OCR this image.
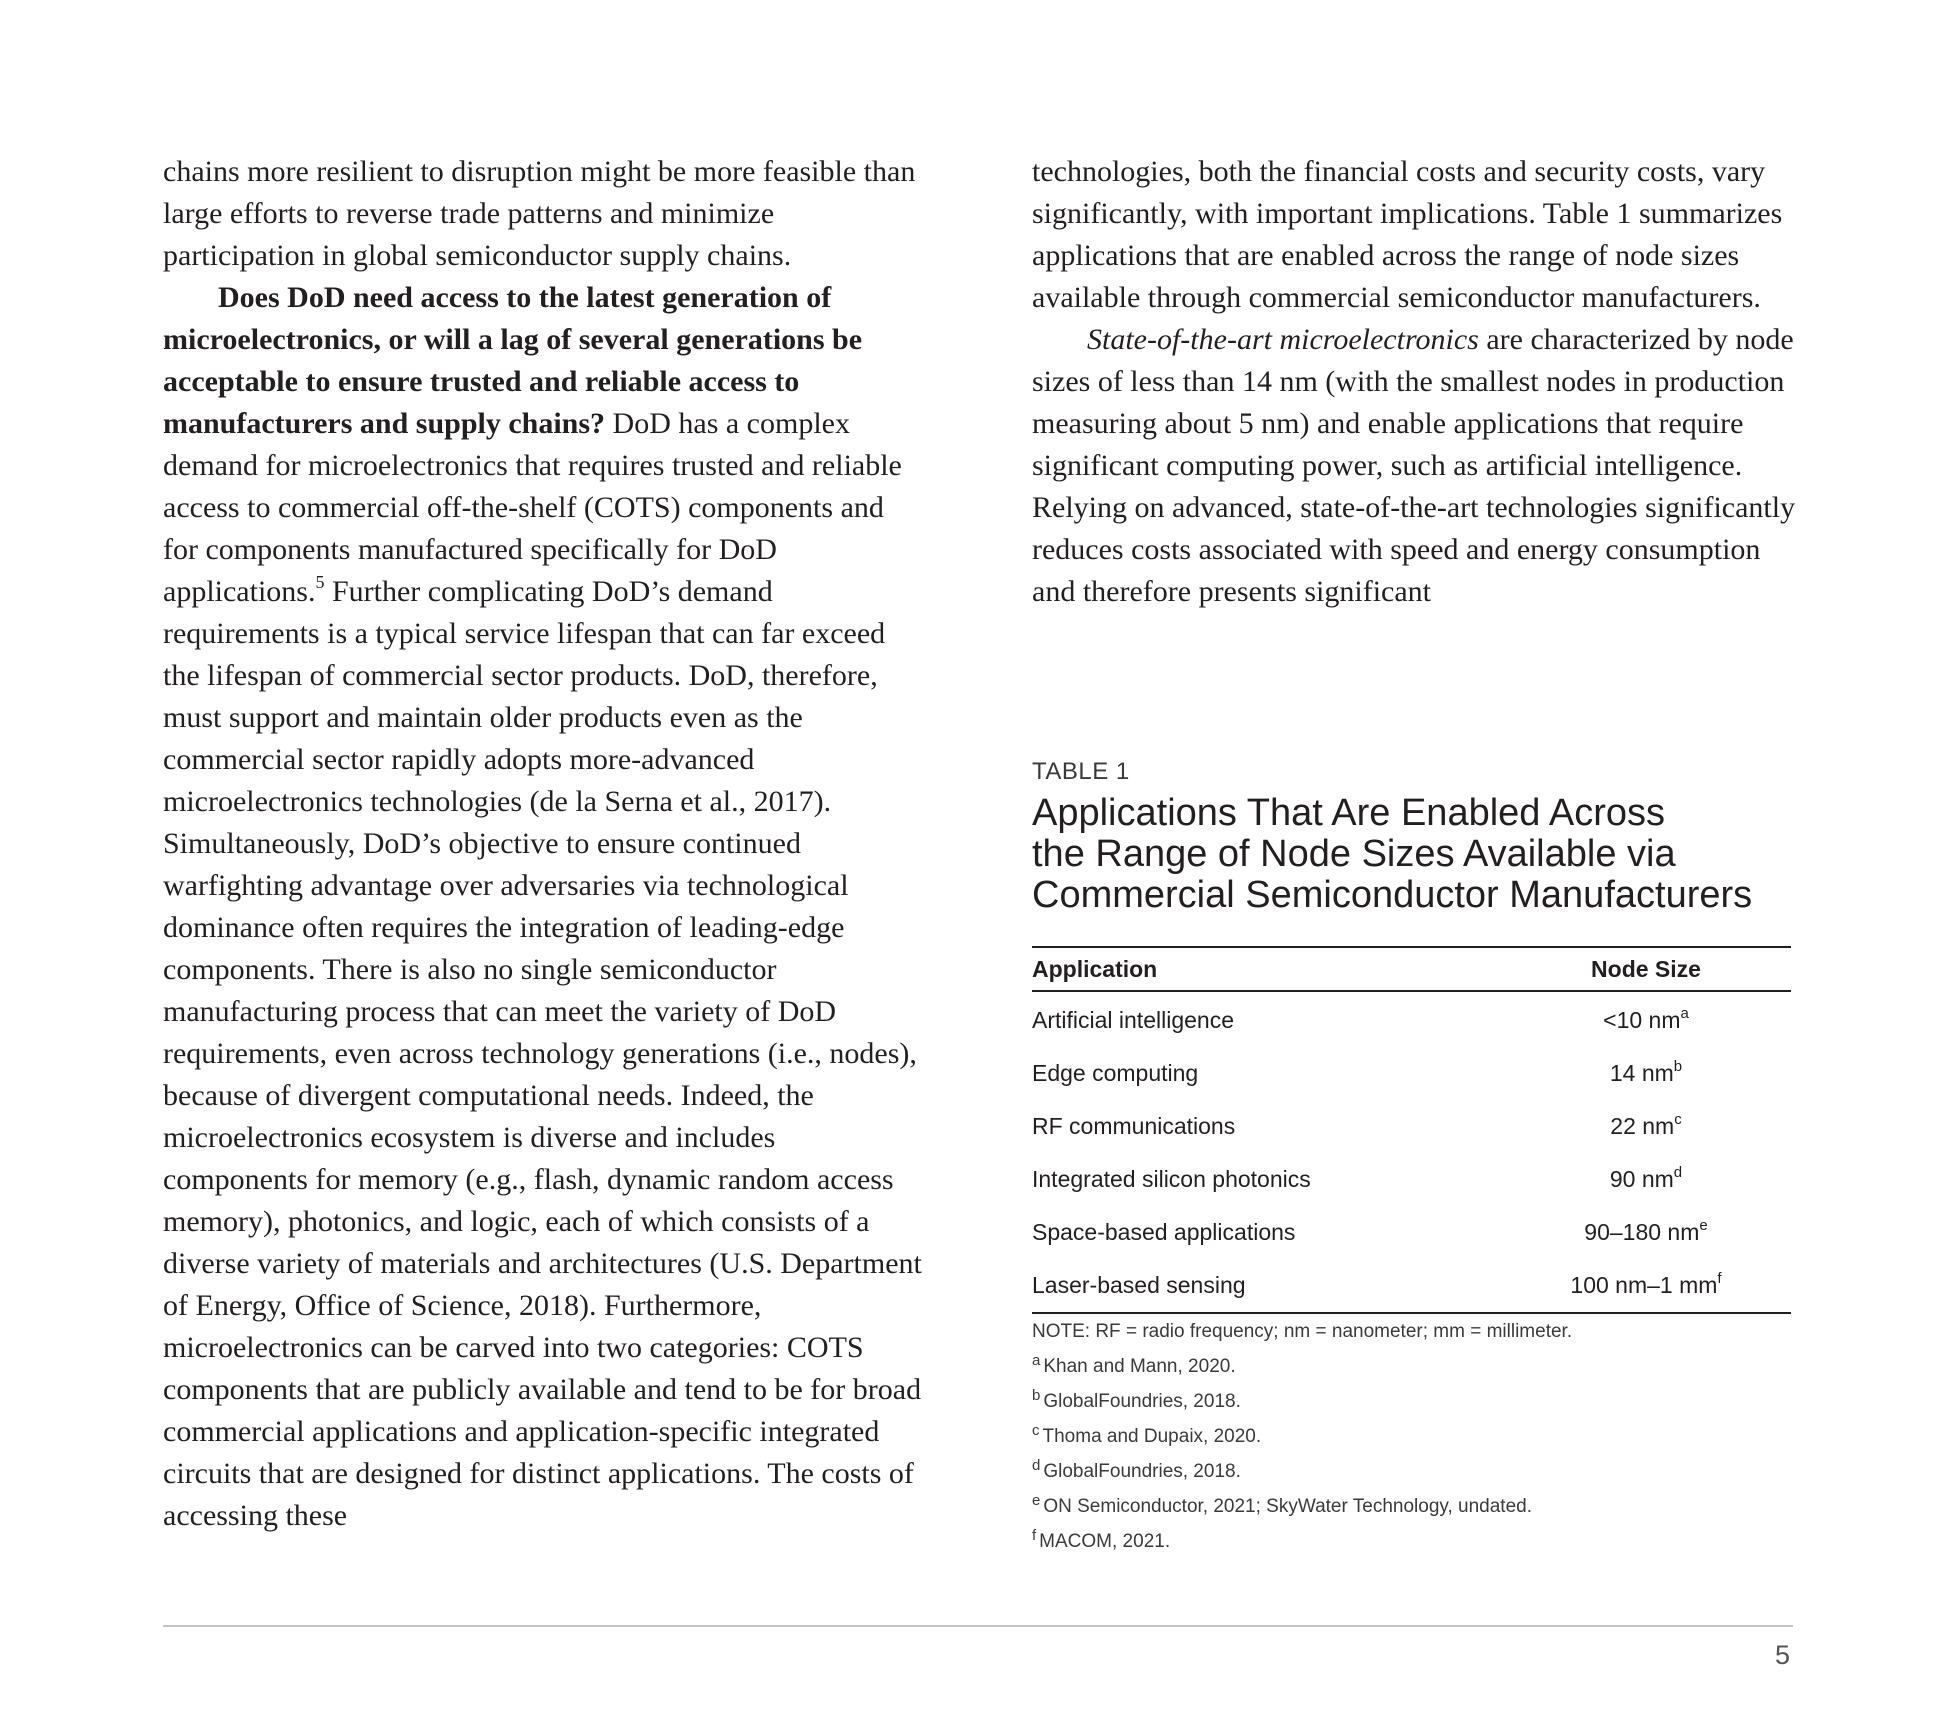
chains more resilient to disruption might be more feasible than large efforts to reverse trade patterns and minimize participation in global semiconductor supply chains.

Does DoD need access to the latest generation of microelectronics, or will a lag of several generations be acceptable to ensure trusted and reliable access to manufacturers and supply chains? DoD has a complex demand for microelectronics that requires trusted and reliable access to commercial off-the-shelf (COTS) components and for components manufactured specifically for DoD applications.$^5$ Further complicating DoD’s demand requirements is a typical service lifespan that can far exceed the lifespan of commercial sector products. DoD, therefore, must support and maintain older products even as the commercial sector rapidly adopts more-advanced microelectronics technologies (de la Serna et al., 2017). Simultaneously, DoD’s objective to ensure continued warfighting advantage over adversaries via technological dominance often requires the integration of leading-edge components. There is also no single semiconductor manufacturing process that can meet the variety of DoD requirements, even across technology generations (i.e., nodes), because of divergent computational needs. Indeed, the microelectronics ecosystem is diverse and includes components for memory (e.g., flash, dynamic random access memory), photonics, and logic, each of which consists of a diverse variety of materials and architectures (U.S. Department of Energy, Office of Science, 2018). Furthermore, microelectronics can be carved into two categories: COTS components that are publicly available and tend to be for broad commercial applications and application-specific integrated circuits that are designed for distinct applications. The costs of accessing these

technologies, both the financial costs and security costs, vary significantly, with important implications. Table 1 summarizes applications that are enabled across the range of node sizes available through commercial semiconductor manufacturers.

State-of-the-art microelectronics are characterized by node sizes of less than 14 nm (with the smallest nodes in production measuring about 5 nm) and enable applications that require significant computing power, such as artificial intelligence. Relying on advanced, state-of-the-art technologies significantly reduces costs associated with speed and energy consumption and therefore presents significant

TABLE 1
Applications That Are Enabled Across
the Range of Node Sizes Available via
Commercial Semiconductor Manufacturers
Application	Node Size
Artificial intelligence	<10 nm$^a$
Edge computing	14 nm$^b$
RF communications	22 nm$^c$
Integrated silicon photonics	90 nm$^d$
Space-based applications	90–180 nm$^e$
Laser-based sensing	100 nm–1 mm$^f$
NOTE: RF = radio frequency; nm = nanometer; mm = millimeter.
$^a$ Khan and Mann, 2020.
$^b$ GlobalFoundries, 2018.
$^c$ Thoma and Dupaix, 2020.
$^d$ GlobalFoundries, 2018.
$^e$ ON Semiconductor, 2021; SkyWater Technology, undated.
$^f$ MACOM, 2021.
5
